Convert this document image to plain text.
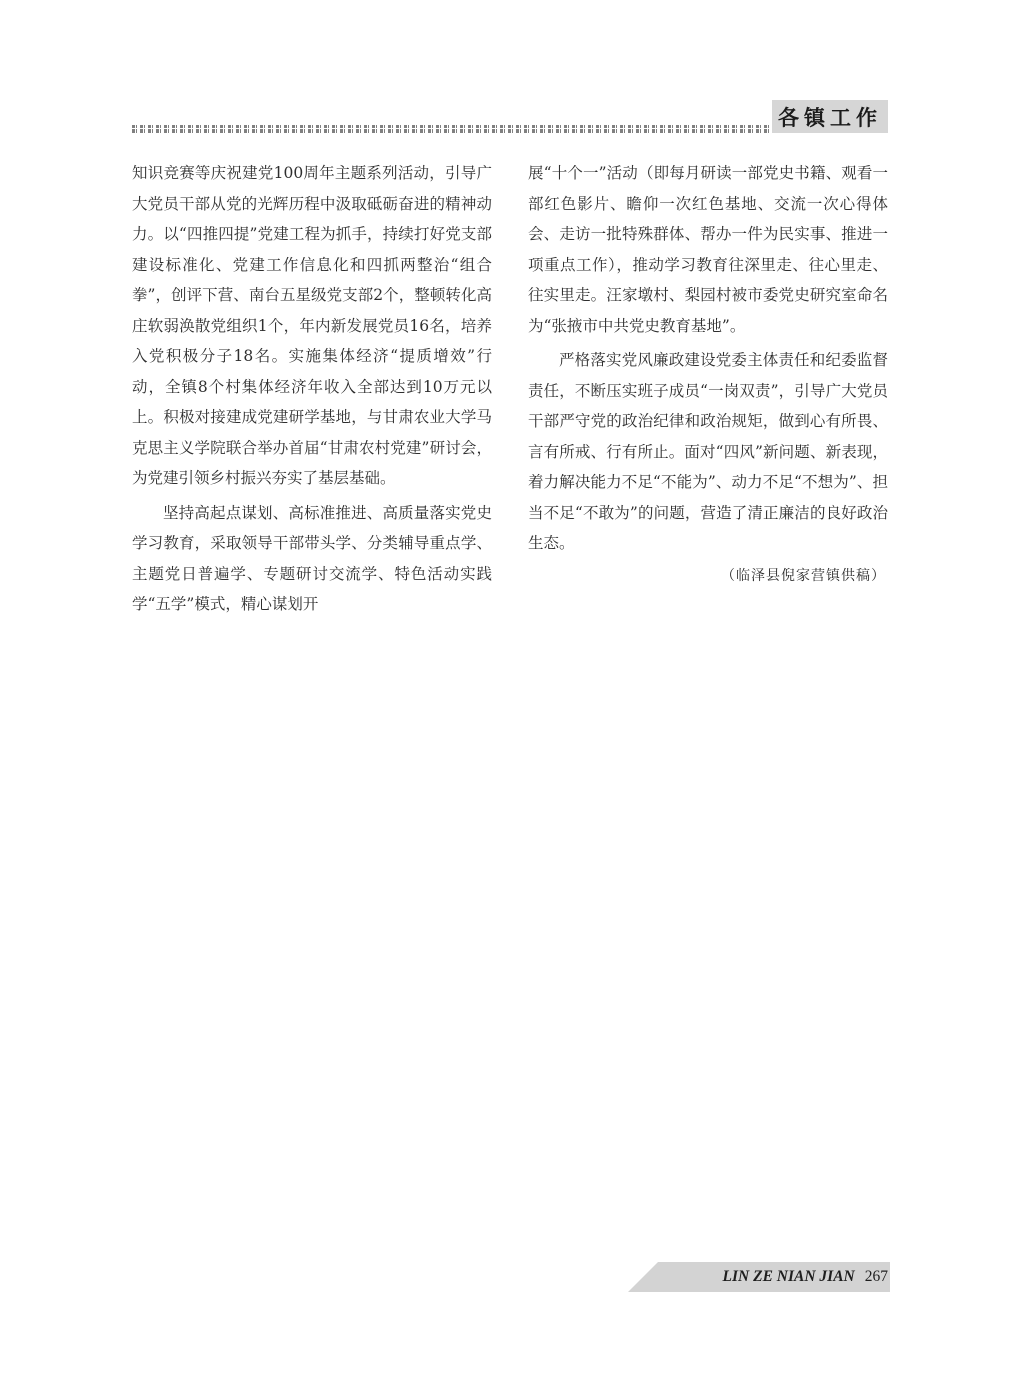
各镇工作

知识竞赛等庆祝建党100周年主题系列活动，引导广大党员干部从党的光辉历程中汲取砥砺奋进的精神动力。以“四推四提”党建工程为抓手，持续打好党支部建设标准化、党建工作信息化和四抓两整治“组合拳”，创评下营、南台五星级党支部2个，整顿转化高庄软弱涣散党组织1个，年内新发展党员16名，培养入党积极分子18名。实施集体经济“提质增效”行动，全镇8个村集体经济年收入全部达到10万元以上。积极对接建成党建研学基地，与甘肃农业大学马克思主义学院联合举办首届“甘肃农村党建”研讨会，为党建引领乡村振兴夯实了基层基础。

坚持高起点谋划、高标准推进、高质量落实党史学习教育，采取领导干部带头学、分类辅导重点学、主题党日普遍学、专题研讨交流学、特色活动实践学“五学”模式，精心谋划开

展“十个一”活动（即每月研读一部党史书籍、观看一部红色影片、瞻仰一次红色基地、交流一次心得体会、走访一批特殊群体、帮办一件为民实事、推进一项重点工作），推动学习教育往深里走、往心里走、往实里走。汪家墩村、梨园村被市委党史研究室命名为“张掖市中共党史教育基地”。

严格落实党风廉政建设党委主体责任和纪委监督责任，不断压实班子成员“一岗双责”，引导广大党员干部严守党的政治纪律和政治规矩，做到心有所畏、言有所戒、行有所止。面对“四风”新问题、新表现，着力解决能力不足“不能为”、动力不足“不想为”、担当不足“不敢为”的问题，营造了清正廉洁的良好政治生态。

（临泽县倪家营镇供稿）
LIN ZE NIAN JIAN 267
